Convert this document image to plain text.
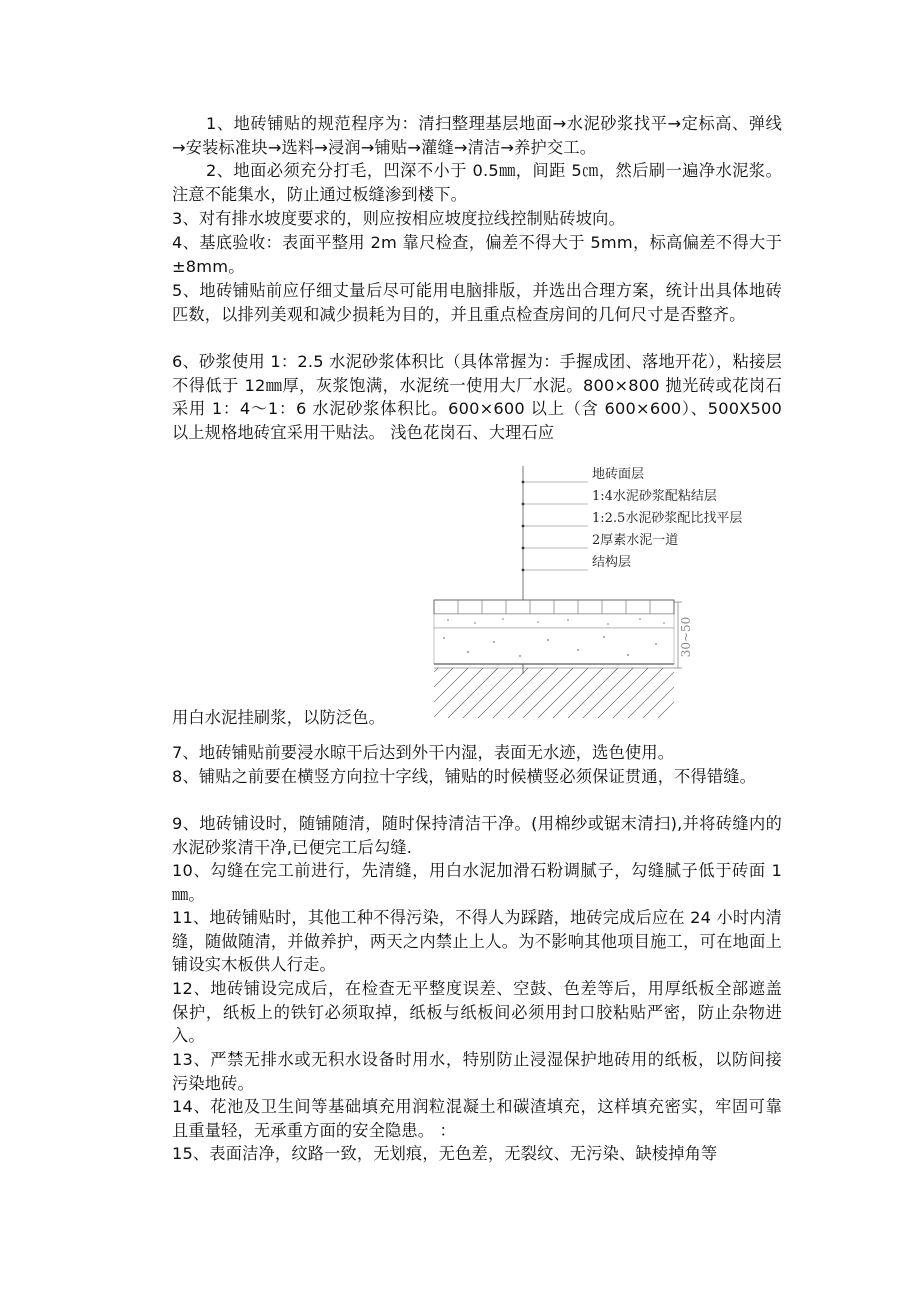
1、地砖铺贴的规范程序为：清扫整理基层地面→水泥砂浆找平→定标高、弹线→安装标准块→选料→浸润→铺贴→灌缝→清洁→养护交工。

2、地面必须充分打毛，凹深不小于 0.5㎜，间距 5㎝，然后刷一遍净水泥浆。注意不能集水，防止通过板缝渗到楼下。

3、对有排水坡度要求的，则应按相应坡度拉线控制贴砖坡向。

4、基底验收：表面平整用 2m 靠尺检查，偏差不得大于 5mm，标高偏差不得大于±8mm。

5、地砖铺贴前应仔细丈量后尽可能用电脑排版，并选出合理方案，统计出具体地砖匹数，以排列美观和减少损耗为目的，并且重点检查房间的几何尺寸是否整齐。

6、砂浆使用 1：2.5 水泥砂浆体积比（具体常握为：手握成团、落地开花），粘接层不得低于 12㎜厚，灰浆饱满，水泥统一使用大厂水泥。800×800 抛光砖或花岗石采用 1：4～1：6 水泥砂浆体积比。600×600 以上（含 600×600）、500X500 以上规格地砖宜采用干贴法。 浅色花岗石、大理石应

地砖面层
1:4水泥砂浆配粘结层
1:2.5水泥砂浆配比找平层
2厚素水泥一道
结构层
30~50

用白水泥挂刷浆，以防泛色。

7、地砖铺贴前要浸水晾干后达到外干内湿，表面无水迹，选色使用。

8、铺贴之前要在横竖方向拉十字线，铺贴的时候横竖必须保证贯通，不得错缝。

9、地砖铺设时，随铺随清，随时保持清洁干净。(用棉纱或锯末清扫),并将砖缝内的水泥砂浆清干净,已便完工后勾缝.

10、勾缝在完工前进行，先清缝，用白水泥加滑石粉调腻子，勾缝腻子低于砖面 1㎜。

11、地砖铺贴时，其他工种不得污染，不得人为踩踏，地砖完成后应在 24 小时内清缝，随做随清，并做养护，两天之内禁止上人。为不影响其他项目施工，可在地面上铺设实木板供人行走。

12、地砖铺设完成后，在检查无平整度误差、空鼓、色差等后，用厚纸板全部遮盖保护，纸板上的铁钉必须取掉，纸板与纸板间必须用封口胶粘贴严密，防止杂物进入。

13、严禁无排水或无积水设备时用水，特别防止浸湿保护地砖用的纸板，以防间接污染地砖。

14、花池及卫生间等基础填充用润粒混凝土和碳渣填充，这样填充密实，牢固可靠且重量轻，无承重方面的安全隐患。 ：

15、表面洁净，纹路一致，无划痕，无色差，无裂纹、无污染、缺棱掉角等
